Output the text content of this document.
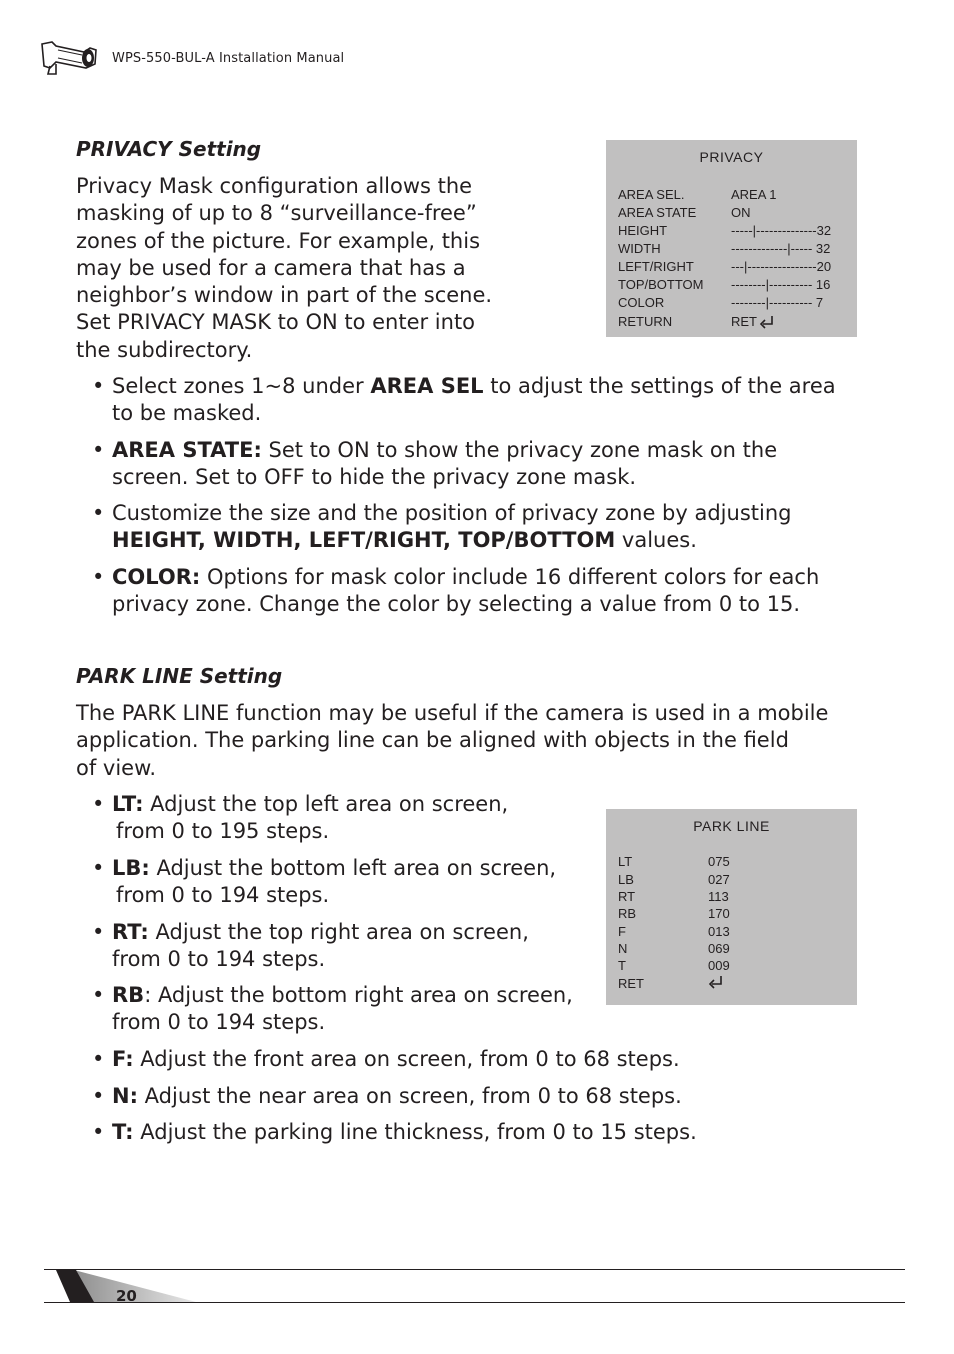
WPS-550-BUL-A Installation Manual
PRIVACY Setting
Privacy Mask configuration allows the
masking of up to 8 “surveillance-free”
zones of the picture. For example, this
may be used for a camera that has a
neighbor’s window in part of the scene.
Set PRIVACY MASK to ON to enter into
the subdirectory.
PRIVACY
AREA SEL.	AREA 1
AREA STATE	ON
HEIGHT	-----|--------------32
WIDTH	-------------|----- 32
LEFT/RIGHT	---|----------------20
TOP/BOTTOM --------|---------- 16
COLOR	--------|---------- 7
RETURN	RET
• Select zones 1~8 under AREA SEL to adjust the settings of the area
to be masked.
• AREA STATE: Set to ON to show the privacy zone mask on the
screen. Set to OFF to hide the privacy zone mask.
• Customize the size and the position of privacy zone by adjusting
HEIGHT, WIDTH, LEFT/RIGHT, TOP/BOTTOM values.
• COLOR: Options for mask color include 16 different colors for each
privacy zone. Change the color by selecting a value from 0 to 15.
PARK LINE Setting
The PARK LINE function may be useful if the camera is used in a mobile
application. The parking line can be aligned with objects in the field
of view.
• LT: Adjust the top left area on screen,
from 0 to 195 steps.
• LB: Adjust the bottom left area on screen,
from 0 to 194 steps.
• RT: Adjust the top right area on screen,
from 0 to 194 steps.
• RB: Adjust the bottom right area on screen,
from 0 to 194 steps.
• F: Adjust the front area on screen, from 0 to 68 steps.
• N: Adjust the near area on screen, from 0 to 68 steps.
• T: Adjust the parking line thickness, from 0 to 15 steps.
PARK LINE
LT	075
LB	027
RT	113
RB	170
F	013
N	069
T	009
RET
20
